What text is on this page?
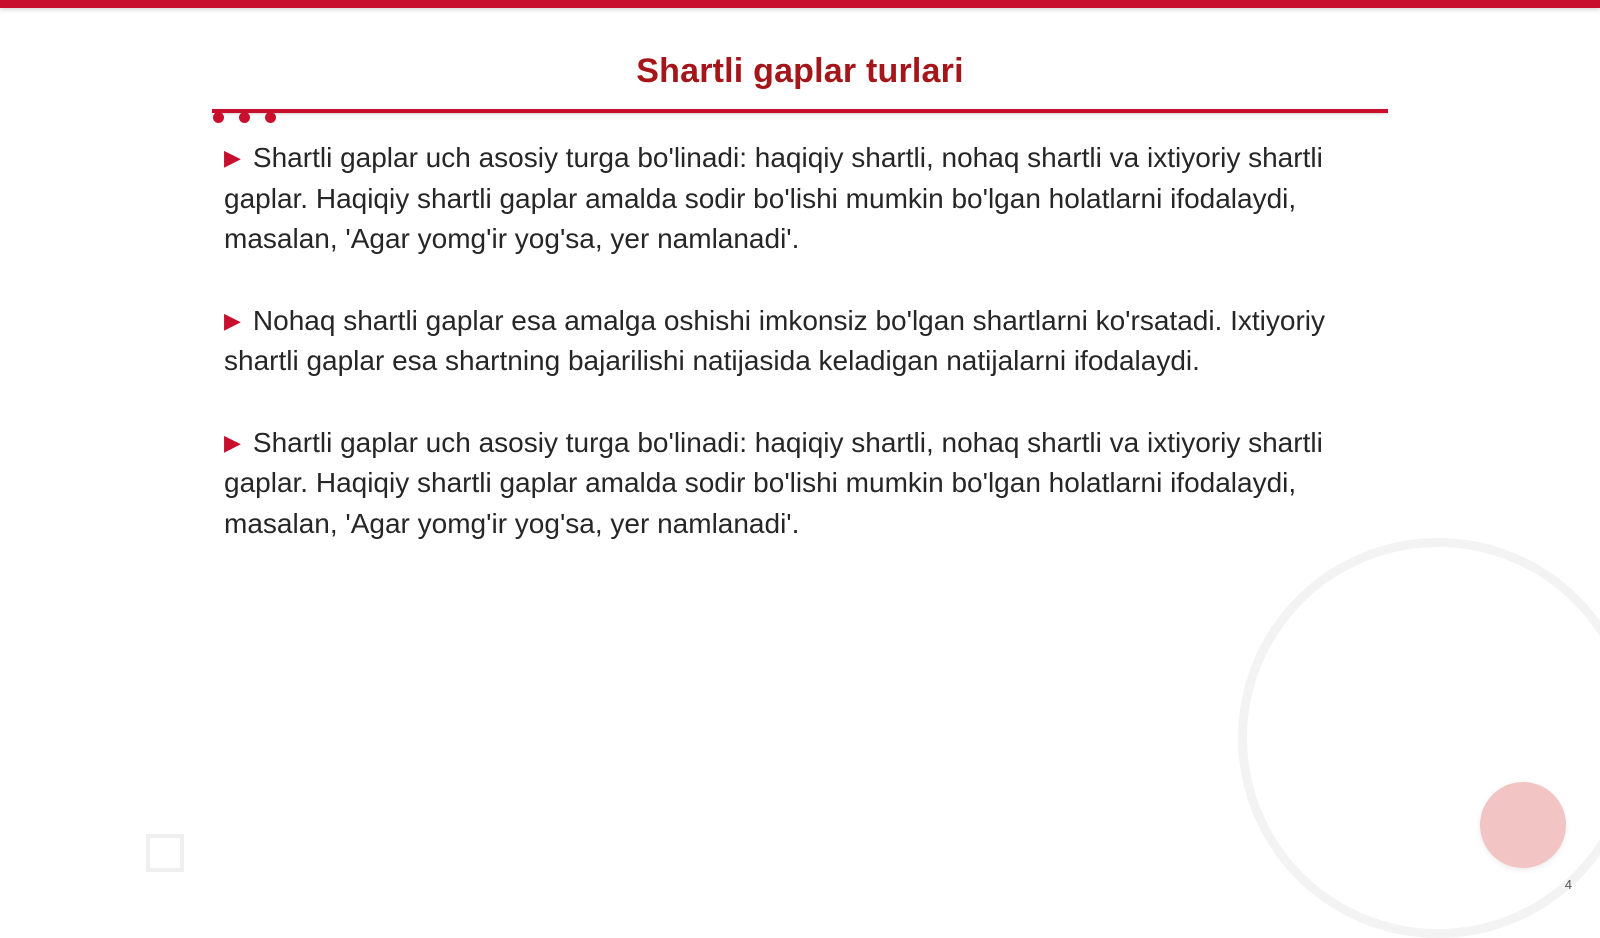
Shartli gaplar turlari

▶ Shartli gaplar uch asosiy turga bo'linadi: haqiqiy shartli, nohaq shartli va ixtiyoriy shartli gaplar. Haqiqiy shartli gaplar amalda sodir bo'lishi mumkin bo'lgan holatlarni ifodalaydi, masalan, 'Agar yomg'ir yog'sa, yer namlanadi'.

▶ Nohaq shartli gaplar esa amalga oshishi imkonsiz bo'lgan shartlarni ko'rsatadi. Ixtiyoriy shartli gaplar esa shartning bajarilishi natijasida keladigan natijalarni ifodalaydi.

▶ Shartli gaplar uch asosiy turga bo'linadi: haqiqiy shartli, nohaq shartli va ixtiyoriy shartli gaplar. Haqiqiy shartli gaplar amalda sodir bo'lishi mumkin bo'lgan holatlarni ifodalaydi, masalan, 'Agar yomg'ir yog'sa, yer namlanadi'.

4
